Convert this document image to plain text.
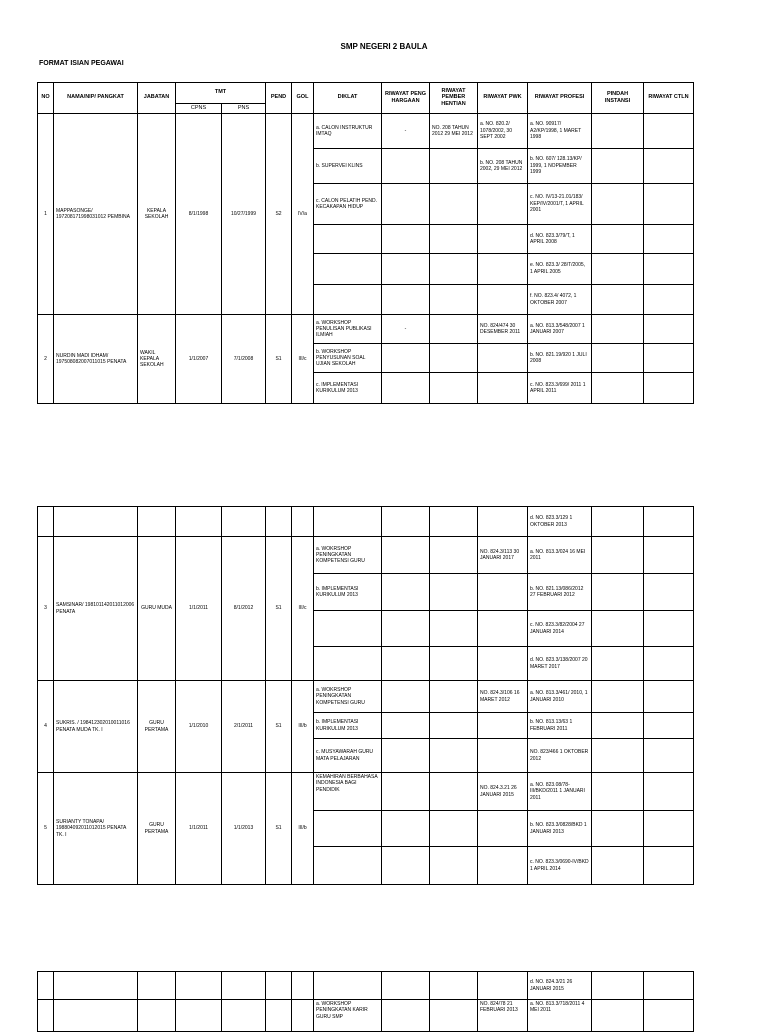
SMP NEGERI 2 BAULA
FORMAT ISIAN PEGAWAI
NO	NAMA/NIP/ PANGKAT	JABATAN	TMT		PEND	GOL	DIKLAT	RIWAYAT PENG HARGAAN	RIWAYAT PEMBER HENTIAN	RIWAYAT PWK	RIWAYAT PROFESI	PINDAH INSTANSI	RIWAYAT CTLN
			CPNS	PNS									
1	MAPPASONGE/ 197208171998031012 PEMBINA	KEPALA SEKOLAH	8/1/1998	10/27/1999	S2	IV/a	a. CALON INSTRUKTUR IMTAQ	-	NO. 208 TAHUN 2012 29 MEI 2012	a. NO. 820.2/ 1078/2002, 30 SEPT 2002	a. NO. 90917/ A2/KP/1998, 1 MARET 1998		
							b. SUPERVEI KLINS			b. NO. 208 TAHUN 2002, 29 MEI 2012	b. NO. 607/ 128.13/KP/ 1999, 1 NOPEMBER 1999		
							c. CALON PELATIH PEND. KECAKAPAN HIDUP				c. NO. IV/13-21.01/183/ KEP/IV/2001/T, 1 APRIL 2001		
											d. NO. 823.3/79/T, 1 APRIL 2008		
											e. NO. 823.3/ 28/T/2005, 1 APRIL 2005		
											f. NO. 823.4/ 4072, 1 OKTOBER 2007		
2	NURDIN MADI IDHAM/ 197508082007011015 PENATA	WAKIL KEPALA SEKOLAH	1/1/2007	7/1/2008	S1	III/c	a. WORKSHOP PENULISAN PUBLIKASI ILMIAH	-		NO. 824/474 30 DESEMBER 2011	a. NO. 813.3/548/2007 1 JANUARI 2007		
							b. WORKSHOP PENYUSUNAN SOAL UJIAN SEKOLAH				b. NO. 821.19/920 1 JULI 2008		
							c. IMPLEMENTASI KURIKULUM 2013				c. NO. 823.3/699/ 2011 1 APRIL 2011		
											d. NO. 823.3/129 1 OKTOBER 2013		
3	SAMSINAR/ 198101142011012006 PENATA	GURU MUDA	1/1/2011	8/1/2012	S1	III/c	a. WOKRSHOP PENINGKATAN KOMPETENSI GURU			NO. 824.3/113 30 JANUARI 2017	a. NO. 813.3/024 16 MEI 2011		
							b. IMPLEMENTASI KURIKULUM 2013				b. NO. 821.13/086/2012 27 FEBRUARI 2012		
											c. NO. 823.3/82/2004 27 JANUARI 2014		
											d. NO. 823.3/138/2007 20 MARET 2017		
4	SUKRIS. / 198412302010011016 PENATA MUDA TK. I	GURU PERTAMA	1/1/2010	2/1/2011	S1	III/b	a. WOKRSHOP PENINGKATAN KOMPETENSI GURU			NO. 824.3/106 16 MARET 2012	a. NO. 813.3/461/ 2010, 1 JANUARI 2010		
							b. IMPLEMENTASI KURIKULUM 2013				b. NO. 813.13/63 1 FEBRUARI 2011		
							c. MUSYAWARAH GURU MATA PELAJARAN				NO. 823/466 1 OKTOBER 2012		
5	SURIANTY TONAPA/ 198804092011012015 PENATA TK. I	GURU PERTAMA	1/1/2011	1/1/2013	S1	III/b	KEMAHIRAN BERBAHASA INDONESIA BAGI PENDIDIK			NO. 824.3.21 26 JANUARI 2015	a. NO. 823.08/78-III/BKD/2011 1 JANUARI 2011		
											b. NO. 823.3/0828/BKD 1 JANUARI 2013		
											c. NO. 823.3/0690-IV/BKD 1 APRIL 2014		
											d. NO. 824.3/21 26 JANUARI 2015		
							a. WORKSHOP PENINGKATAN KARIR GURU SMP			NO. 824/78 21 FEBRUARI 2013	a. NO. 813.3/718/2011 4 MEI 2011		
